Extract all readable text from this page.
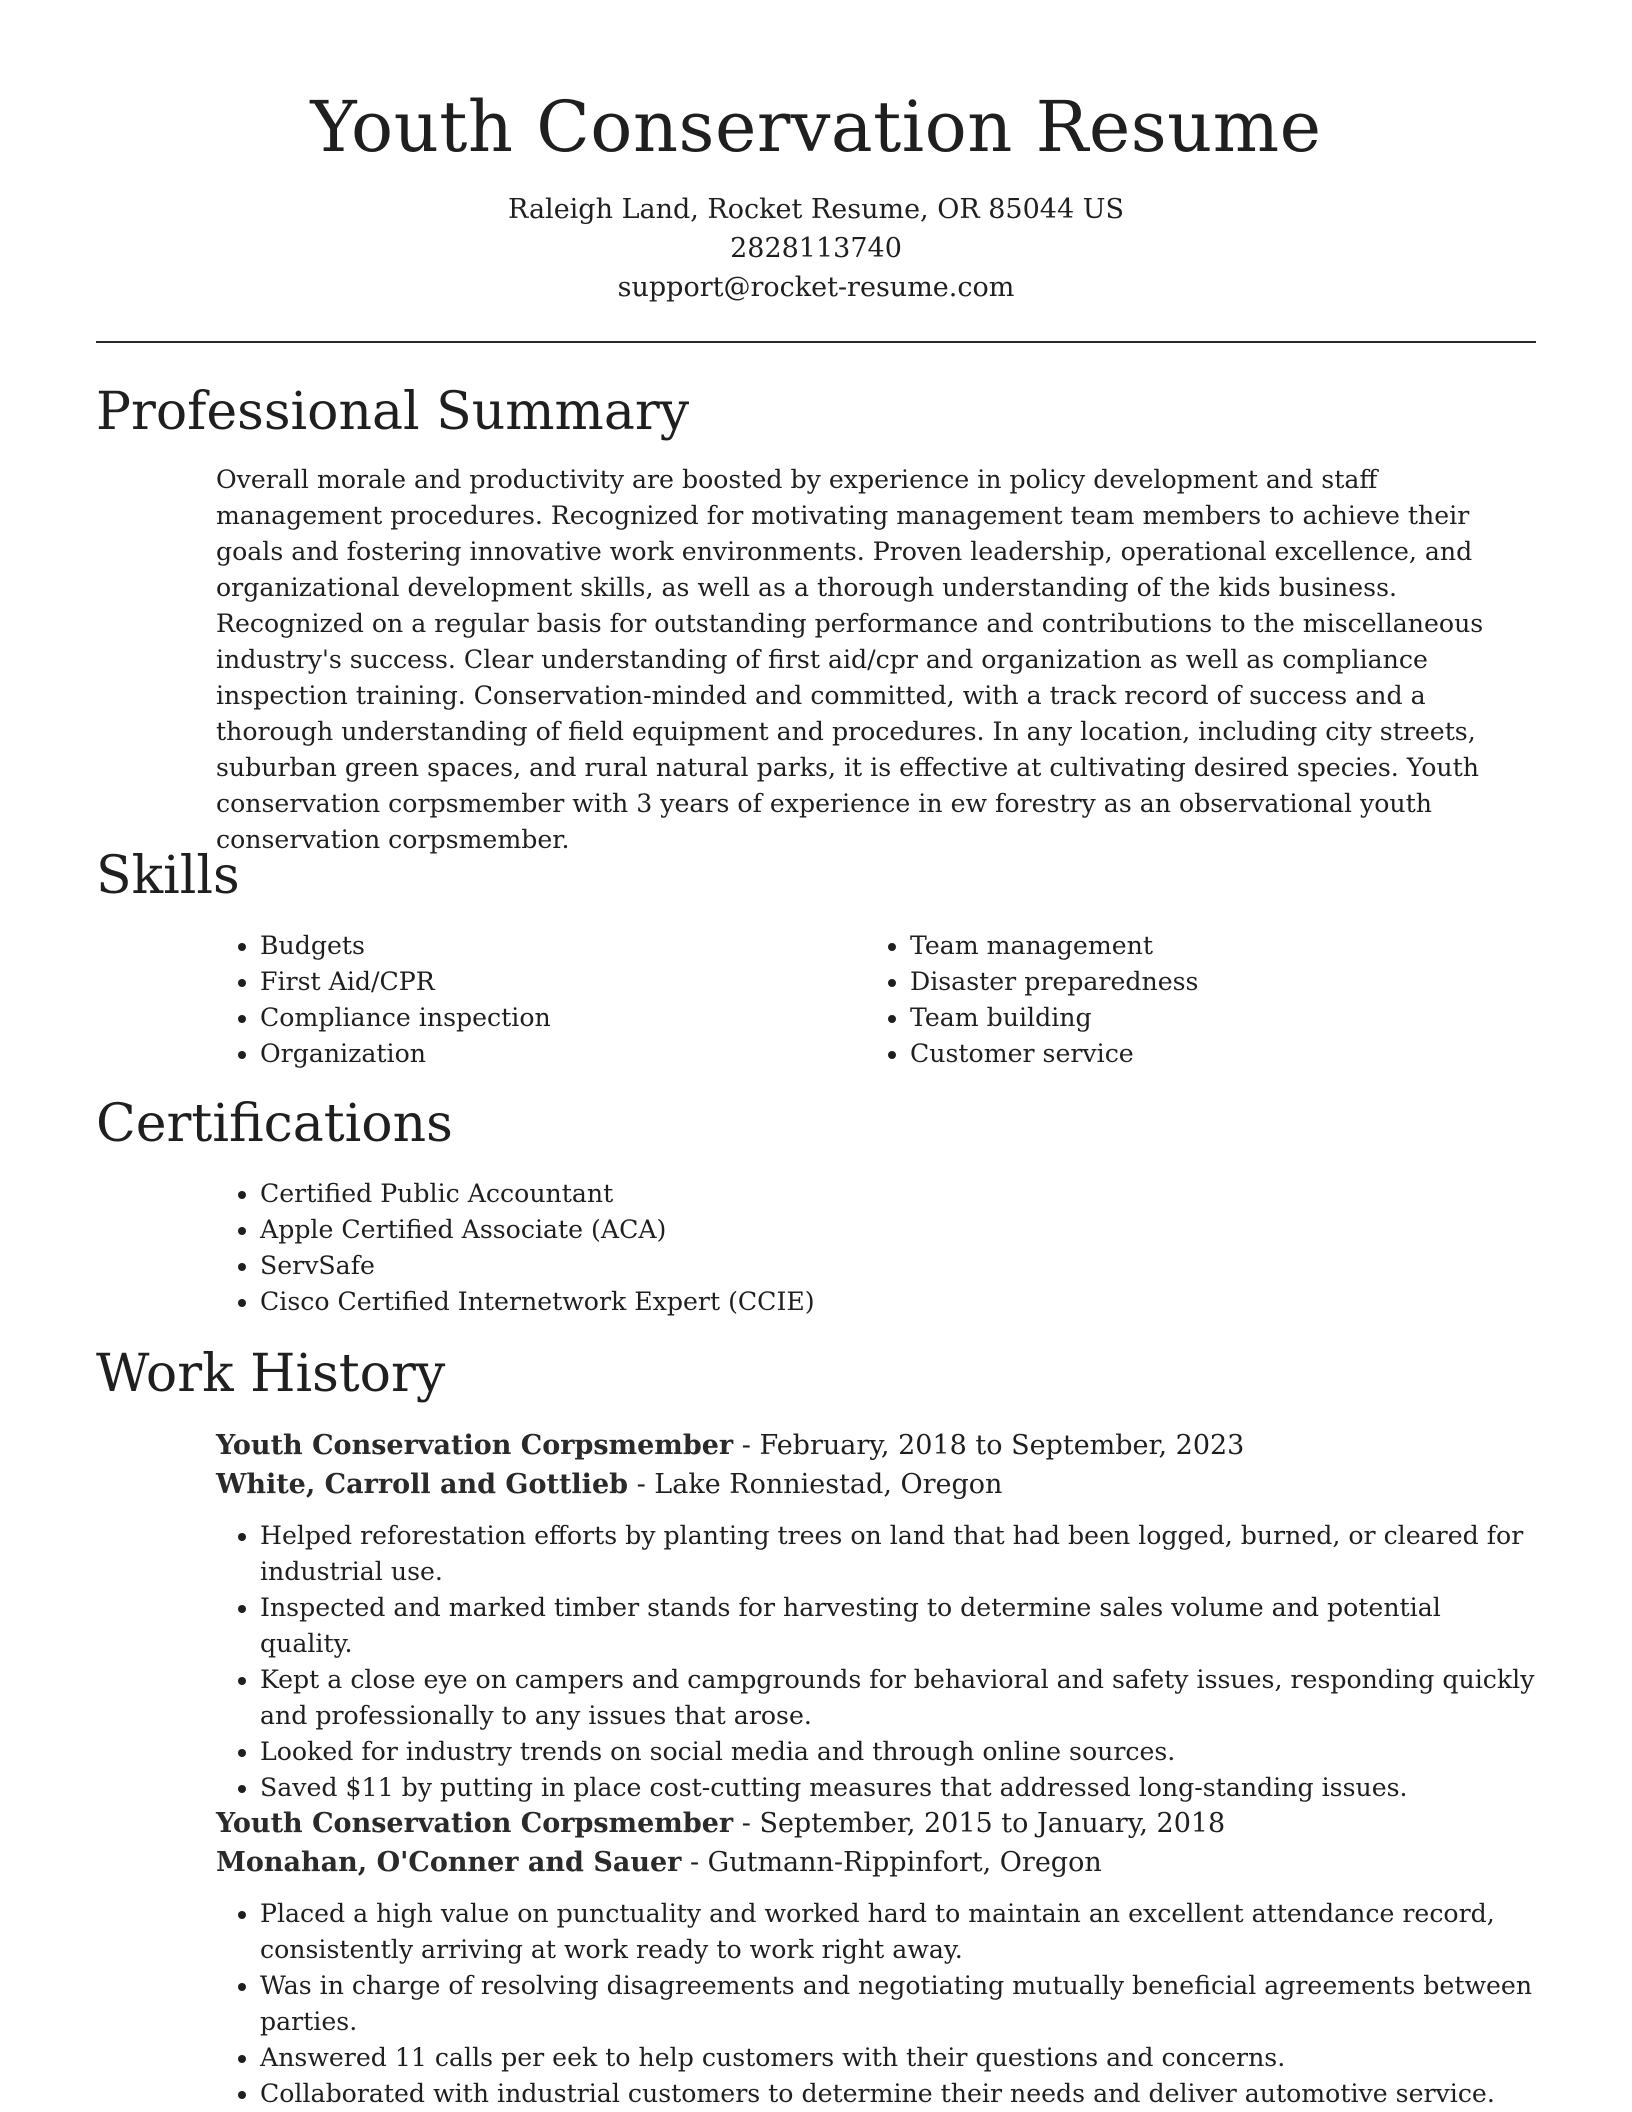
Youth Conservation Resume

Raleigh Land, Rocket Resume, OR 85044 US

2828113740

support@rocket-resume.com

Professional Summary

Overall morale and productivity are boosted by experience in policy development and staff management procedures. Recognized for motivating management team members to achieve their goals and fostering innovative work environments. Proven leadership, operational excellence, and organizational development skills, as well as a thorough understanding of the kids business. Recognized on a regular basis for outstanding performance and contributions to the miscellaneous industry's success. Clear understanding of first aid/cpr and organization as well as compliance inspection training. Conservation-minded and committed, with a track record of success and a thorough understanding of field equipment and procedures. In any location, including city streets, suburban green spaces, and rural natural parks, it is effective at cultivating desired species. Youth conservation corpsmember with 3 years of experience in ew forestry as an observational youth conservation corpsmember.

Skills
• Budgets
• First Aid/CPR
• Compliance inspection
• Organization
• Team management
• Disaster preparedness
• Team building
• Customer service
Certifications
• Certified Public Accountant
• Apple Certified Associate (ACA)
• ServSafe
• Cisco Certified Internetwork Expert (CCIE)
Work History

Youth Conservation Corpsmember - February, 2018 to September, 2023

White, Carroll and Gottlieb - Lake Ronniestad, Oregon

• Helped reforestation efforts by planting trees on land that had been logged, burned, or cleared for industrial use.
• Inspected and marked timber stands for harvesting to determine sales volume and potential quality.
• Kept a close eye on campers and campgrounds for behavioral and safety issues, responding quickly and professionally to any issues that arose.
• Looked for industry trends on social media and through online sources.
• Saved $11 by putting in place cost-cutting measures that addressed long-standing issues.

Youth Conservation Corpsmember - September, 2015 to January, 2018

Monahan, O'Conner and Sauer - Gutmann-Rippinfort, Oregon

• Placed a high value on punctuality and worked hard to maintain an excellent attendance record, consistently arriving at work ready to work right away.
• Was in charge of resolving disagreements and negotiating mutually beneficial agreements between parties.
• Answered 11 calls per eek to help customers with their questions and concerns.
• Collaborated with industrial customers to determine their needs and deliver automotive service.
